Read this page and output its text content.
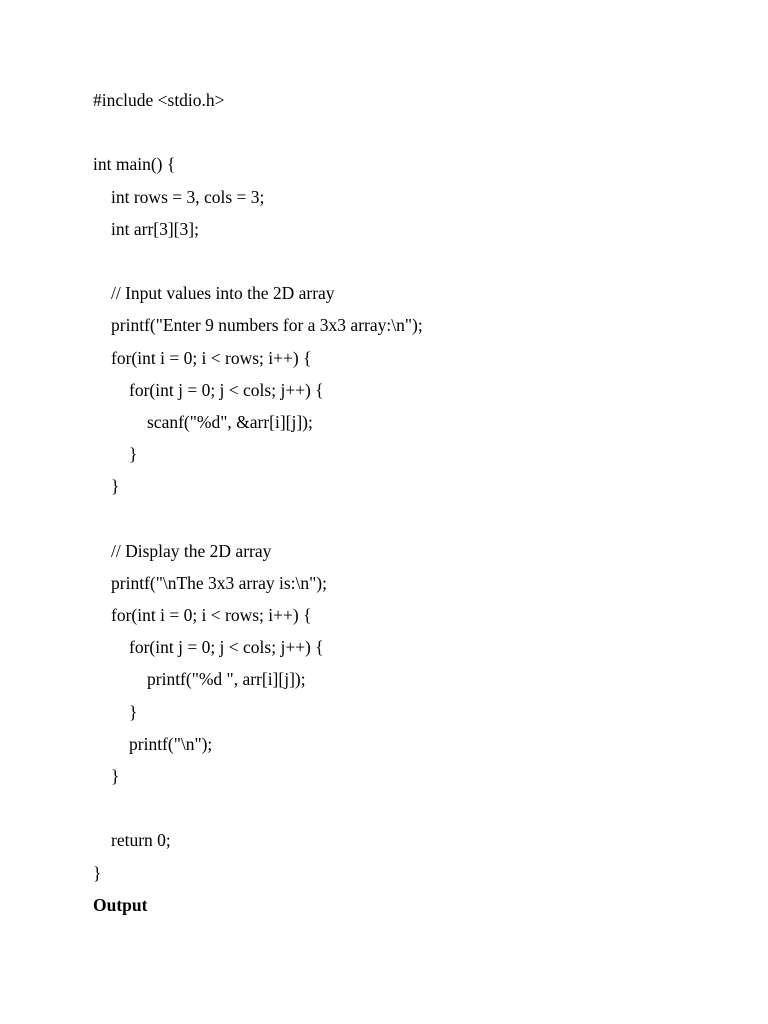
#include <stdio.h>

int main() {

int rows = 3, cols = 3;

int arr[3][3];

// Input values into the 2D array

printf("Enter 9 numbers for a 3x3 array:\n");

for(int i = 0; i < rows; i++) {

for(int j = 0; j < cols; j++) {

scanf("%d", &arr[i][j]);

}

}

// Display the 2D array

printf("\nThe 3x3 array is:\n");

for(int i = 0; i < rows; i++) {

for(int j = 0; j < cols; j++) {

printf("%d ", arr[i][j]);

}

printf("\n");

}

return 0;

}

Output
